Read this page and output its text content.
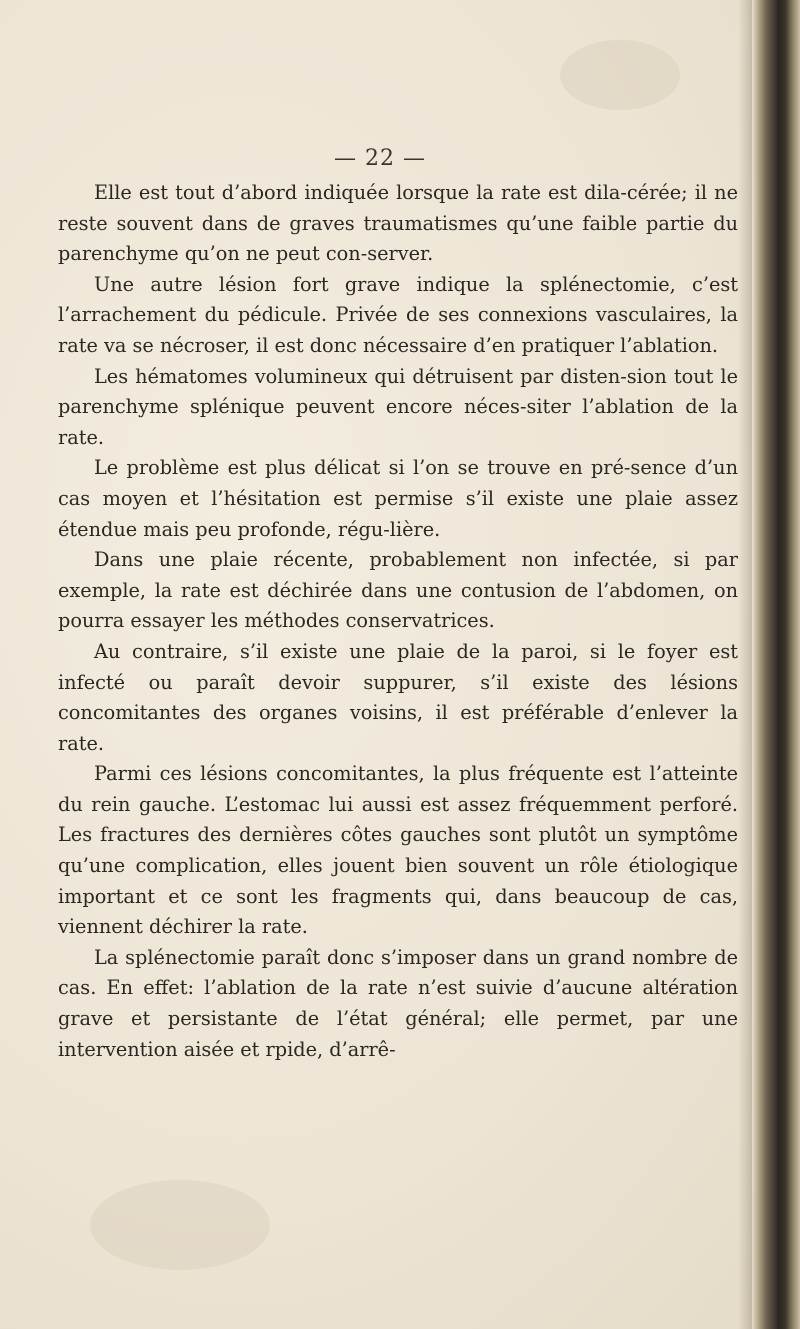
— 22 —

Elle est tout d’abord indiquée lorsque la rate est dila-cérée; il ne reste souvent dans de graves traumatismes qu’une faible partie du parenchyme qu’on ne peut con-server.

Une autre lésion fort grave indique la splénectomie, c’est l’arrachement du pédicule. Privée de ses connexions vasculaires, la rate va se nécroser, il est donc nécessaire d’en pratiquer l’ablation.

Les hématomes volumineux qui détruisent par disten-sion tout le parenchyme splénique peuvent encore néces-siter l’ablation de la rate.

Le problème est plus délicat si l’on se trouve en pré-sence d’un cas moyen et l’hésitation est permise s’il existe une plaie assez étendue mais peu profonde, régu-lière.

Dans une plaie récente, probablement non infectée, si par exemple, la rate est déchirée dans une contusion de l’abdomen, on pourra essayer les méthodes conservatrices.

Au contraire, s’il existe une plaie de la paroi, si le foyer est infecté ou paraît devoir suppurer, s’il existe des lésions concomitantes des organes voisins, il est préférable d’enlever la rate.

Parmi ces lésions concomitantes, la plus fréquente est l’atteinte du rein gauche. L’estomac lui aussi est assez fréquemment perforé. Les fractures des dernières côtes gauches sont plutôt un symptôme qu’une complication, elles jouent bien souvent un rôle étiologique important et ce sont les fragments qui, dans beaucoup de cas, viennent déchirer la rate.

La splénectomie paraît donc s’imposer dans un grand nombre de cas. En effet: l’ablation de la rate n’est suivie d’aucune altération grave et persistante de l’état général; elle permet, par une intervention aisée et rpide, d’arrê-
